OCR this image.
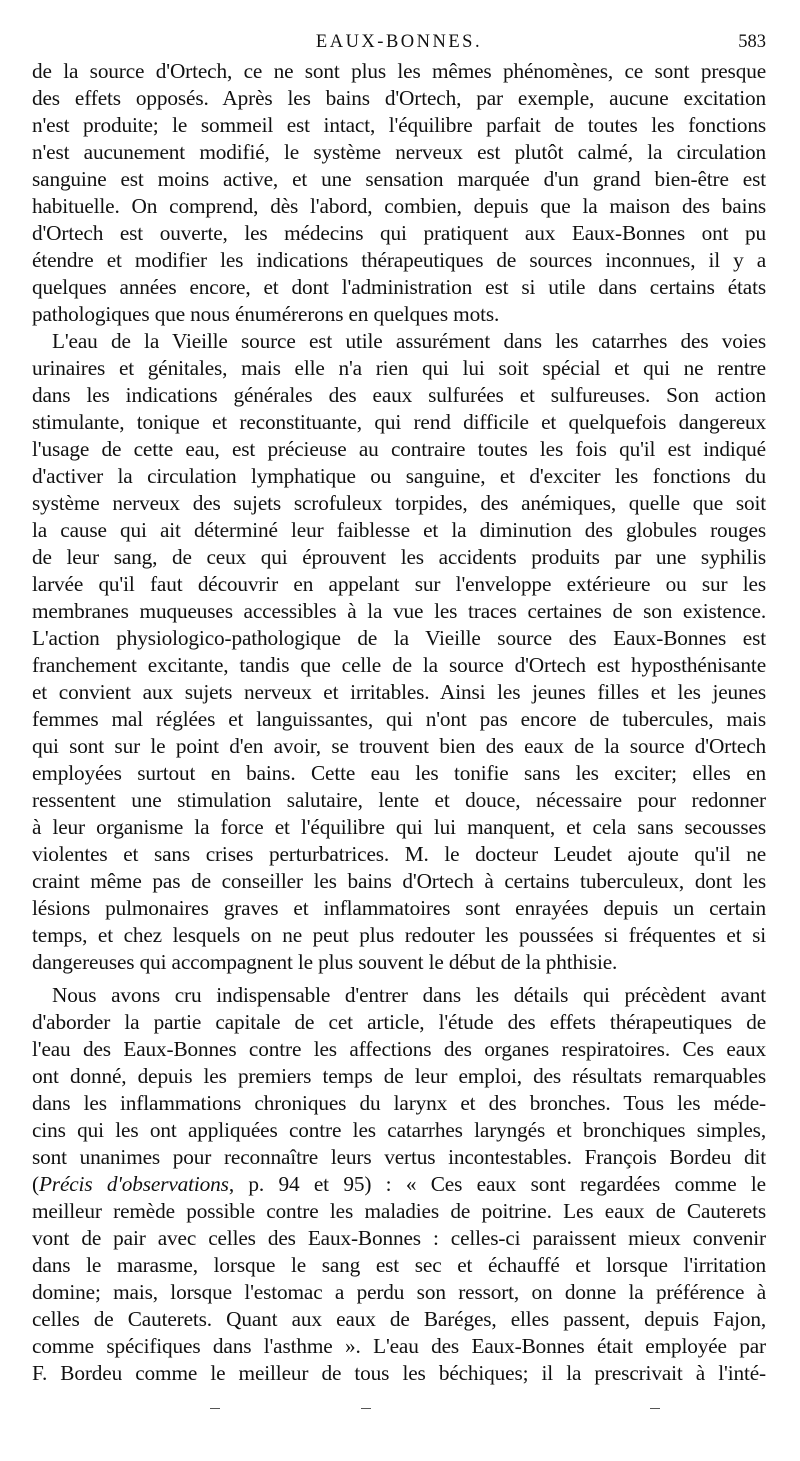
EAUX-BONNES.	583
de la source d'Ortech, ce ne sont plus les mêmes phénomènes, ce sont presque
des effets opposés. Après les bains d'Ortech, par exemple, aucune excitation
n'est produite; le sommeil est intact, l'équilibre parfait de toutes les fonctions
n'est aucunement modifié, le système nerveux est plutôt calmé, la circulation
sanguine est moins active, et une sensation marquée d'un grand bien-être est
habituelle. On comprend, dès l'abord, combien, depuis que la maison des bains
d'Ortech est ouverte, les médecins qui pratiquent aux Eaux-Bonnes ont pu
étendre et modifier les indications thérapeutiques de sources inconnues, il y a
quelques années encore, et dont l'administration est si utile dans certains états
pathologiques que nous énumérerons en quelques mots.
L'eau de la Vieille source est utile assurément dans les catarrhes des voies
urinaires et génitales, mais elle n'a rien qui lui soit spécial et qui ne rentre
dans les indications générales des eaux sulfurées et sulfureuses. Son action
stimulante, tonique et reconstituante, qui rend difficile et quelquefois dangereux
l'usage de cette eau, est précieuse au contraire toutes les fois qu'il est indiqué
d'activer la circulation lymphatique ou sanguine, et d'exciter les fonctions du
système nerveux des sujets scrofuleux torpides, des anémiques, quelle que soit
la cause qui ait déterminé leur faiblesse et la diminution des globules rouges
de leur sang, de ceux qui éprouvent les accidents produits par une syphilis
larvée qu'il faut découvrir en appelant sur l'enveloppe extérieure ou sur les
membranes muqueuses accessibles à la vue les traces certaines de son existence.
L'action physiologico-pathologique de la Vieille source des Eaux-Bonnes est
franchement excitante, tandis que celle de la source d'Ortech est hyposthénisante
et convient aux sujets nerveux et irritables. Ainsi les jeunes filles et les jeunes
femmes mal réglées et languissantes, qui n'ont pas encore de tubercules, mais
qui sont sur le point d'en avoir, se trouvent bien des eaux de la source d'Ortech
employées surtout en bains. Cette eau les tonifie sans les exciter; elles en
ressentent une stimulation salutaire, lente et douce, nécessaire pour redonner
à leur organisme la force et l'équilibre qui lui manquent, et cela sans secousses
violentes et sans crises perturbatrices. M. le docteur Leudet ajoute qu'il ne
craint même pas de conseiller les bains d'Ortech à certains tuberculeux, dont les
lésions pulmonaires graves et inflammatoires sont enrayées depuis un certain
temps, et chez lesquels on ne peut plus redouter les poussées si fréquentes et si
dangereuses qui accompagnent le plus souvent le début de la phthisie.
Nous avons cru indispensable d'entrer dans les détails qui précèdent avant
d'aborder la partie capitale de cet article, l'étude des effets thérapeutiques de
l'eau des Eaux-Bonnes contre les affections des organes respiratoires. Ces eaux
ont donné, depuis les premiers temps de leur emploi, des résultats remarquables
dans les inflammations chroniques du larynx et des bronches. Tous les méde-
cins qui les ont appliquées contre les catarrhes laryngés et bronchiques simples,
sont unanimes pour reconnaître leurs vertus incontestables. François Bordeu dit
(Précis d'observations, p. 94 et 95) : « Ces eaux sont regardées comme le
meilleur remède possible contre les maladies de poitrine. Les eaux de Cauterets
vont de pair avec celles des Eaux-Bonnes : celles-ci paraissent mieux convenir
dans le marasme, lorsque le sang est sec et échauffé et lorsque l'irritation
domine; mais, lorsque l'estomac a perdu son ressort, on donne la préférence à
celles de Cauterets. Quant aux eaux de Baréges, elles passent, depuis Fajon,
comme spécifiques dans l'asthme ». L'eau des Eaux-Bonnes était employée par
F. Bordeu comme le meilleur de tous les béchiques; il la prescrivait à l'inté-
